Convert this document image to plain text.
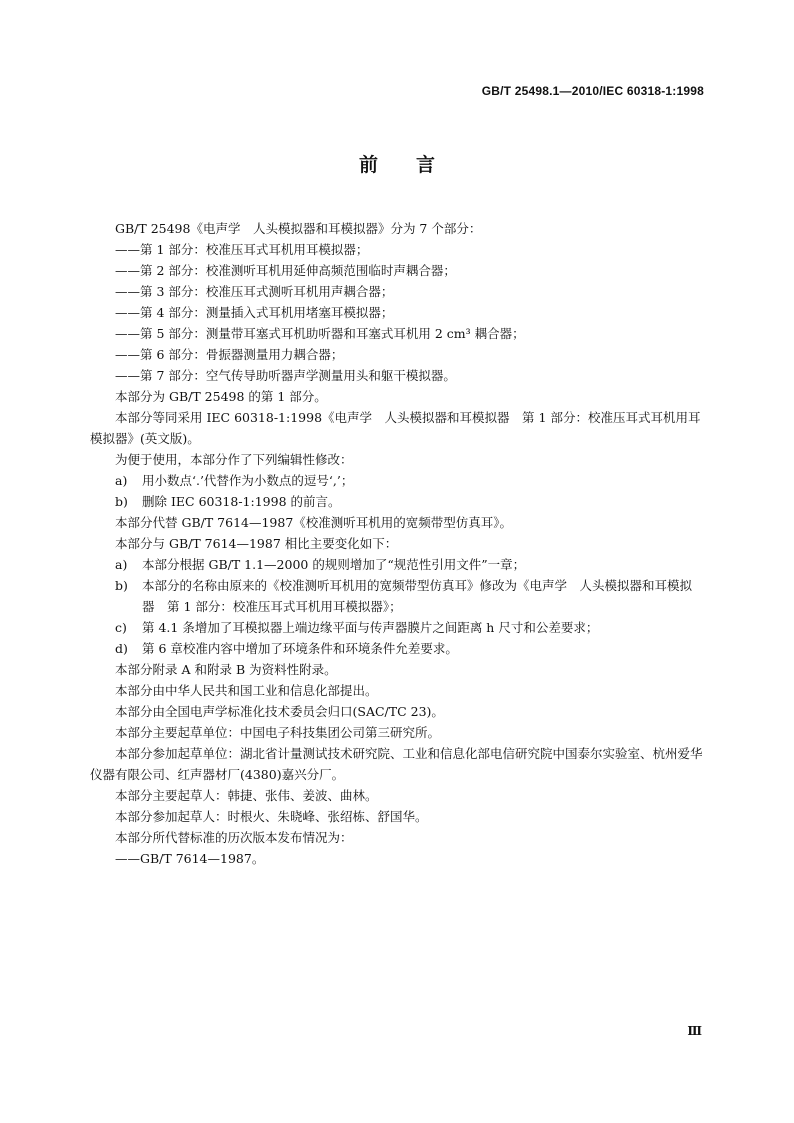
GB/T 25498.1—2010/IEC 60318-1:1998
前言
GB/T 25498《电声学　人头模拟器和耳模拟器》分为 7 个部分：
——第 1 部分：校准压耳式耳机用耳模拟器；
——第 2 部分：校准测听耳机用延伸高频范围临时声耦合器；
——第 3 部分：校准压耳式测听耳机用声耦合器；
——第 4 部分：测量插入式耳机用堵塞耳模拟器；
——第 5 部分：测量带耳塞式耳机助听器和耳塞式耳机用 2 cm³ 耦合器；
——第 6 部分：骨振器测量用力耦合器；
——第 7 部分：空气传导助听器声学测量用头和躯干模拟器。
本部分为 GB/T 25498 的第 1 部分。
本部分等同采用 IEC 60318-1:1998《电声学　人头模拟器和耳模拟器　第 1 部分：校准压耳式耳机用耳模拟器》(英文版)。
为便于使用，本部分作了下列编辑性修改：
a)	用小数点‘.’代替作为小数点的逗号‘,’；
b)	删除 IEC 60318-1:1998 的前言。
本部分代替 GB/T 7614—1987《校准测听耳机用的宽频带型仿真耳》。
本部分与 GB/T 7614—1987 相比主要变化如下：
a)	本部分根据 GB/T 1.1—2000 的规则增加了“规范性引用文件”一章；
b)	本部分的名称由原来的《校准测听耳机用的宽频带型仿真耳》修改为《电声学　人头模拟器和耳模拟器　第 1 部分：校准压耳式耳机用耳模拟器》；
c)	第 4.1 条增加了耳模拟器上端边缘平面与传声器膜片之间距离 h 尺寸和公差要求；
d)	第 6 章校准内容中增加了环境条件和环境条件允差要求。
本部分附录 A 和附录 B 为资料性附录。
本部分由中华人民共和国工业和信息化部提出。
本部分由全国电声学标准化技术委员会归口(SAC/TC 23)。
本部分主要起草单位：中国电子科技集团公司第三研究所。
本部分参加起草单位：湖北省计量测试技术研究院、工业和信息化部电信研究院中国泰尔实验室、杭州爱华仪器有限公司、红声器材厂(4380)嘉兴分厂。
本部分主要起草人：韩捷、张伟、姜波、曲林。
本部分参加起草人：时根火、朱晓峰、张绍栋、舒国华。
本部分所代替标准的历次版本发布情况为：
——GB/T 7614—1987。
Ⅲ
